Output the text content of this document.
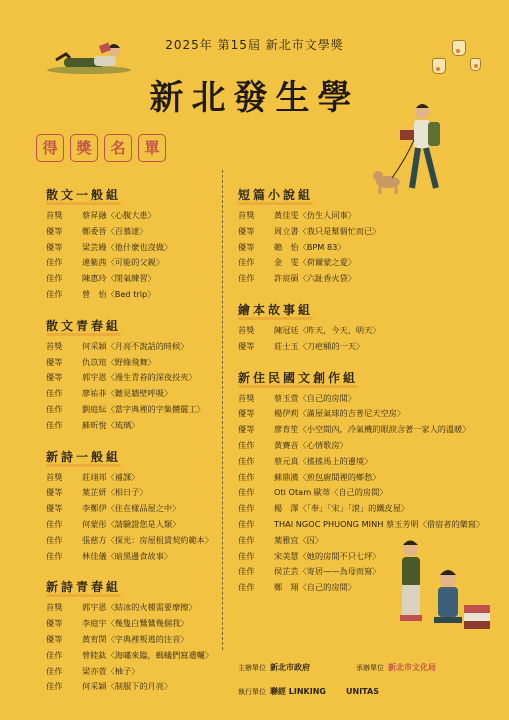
2025年 第15屆 新北市文學獎
新北發生學
得	獎	名	單
散文一般組
首獎	蔡昇融〈心腹大患〉
優等	鄭委晉〈百慕達〉
優等	梁芸嫚〈他什麼也沒做〉
佳作	連紫茜〈可能的父親〉
佳作	陳惠玲〈閉氣練習〉
佳作	曾　怡〈Bed trip〉
散文青春組
首獎	何采穎〈月亮不說話的時候〉
優等	仇苡瑄〈野綠飛舞〉
優等	郭宇恩〈漫生青苔的深夜投夾〉
佳作	廖祐菲〈聽見牆壁呼吸〉
佳作	劉庭紜〈當字典裡的字集體罷工〉
佳作	蘇昕悅〈琉璃〉
新詩一般組
首獎	莊翊邦〈補課〉
優等	葉芷妍〈相日子〉
優等	李鄭伊〈住在樣品屋之中〉
佳作	何蒙彤〈請驗證您是人類〉
佳作	張慈方〈探光：房屋租賃契約範本〉
佳作	林佳儀〈暗黑邊食故事〉
新詩青春組
首獎	郭宇恩〈結冰的火種需要摩擦〉
優等	李庭宇〈幾隻白鷺鷥幾個我〉
優等	黃宥閔〈字典裡叛逃的注音〉
佳作	曾睦鈦〈海嘯來臨，螞蟻們寫遺囑〉
佳作	梁亦萱〈柚子〉
佳作	何采穎〈制服下的月亮〉
短篇小說組
首獎	黃佳雯〈仿生人同事〉
優等	周立書〈我只是幫個忙而已〉
優等	賴　怡〈BPM 83〉
佳作	金　雯〈荷爾蒙之愛〉
佳作	許宸碩〈六趾香火袋〉
繪本故事組
首獎	陳冠廷〈昨天，今天，明天〉
優等	莊士玉〈刀疤桶的一天〉
新住民國文創作組
首獎	蔡玉萱〈自己的房間〉
優等	楊伊莉〈滿屋氣球的吉普尼天空房〉
優等	廖育笙〈小空間內，冷氣機的眼淚含著一家人的溫暖〉
佳作	黃賽音〈心情歌房〉
佳作	蔡元真〈搖搖馬上的邊境〉
佳作	蘇鼎濱〈煎包廚間裡的鄉愁〉
佳作	Oti Otam 歐蒂〈自己的房間〉
佳作	楊　澤〈「奉」「宋」「滾」的鐵皮屋〉
佳作	THAI NGOC PHUONG MINH 蔡玉芳明〈借宿者的樂寫〉
佳作	葉雅宜〈囚〉
佳作	宋美慧〈她的房間不只七坪〉
佳作	侯芷芸〈寄居——為母而寫〉
佳作	鄭　翔〈自己的房間〉
主辦單位 新北市政府	承辦單位 新北市文化局
執行單位 聯經 LINKING	UNITAS
